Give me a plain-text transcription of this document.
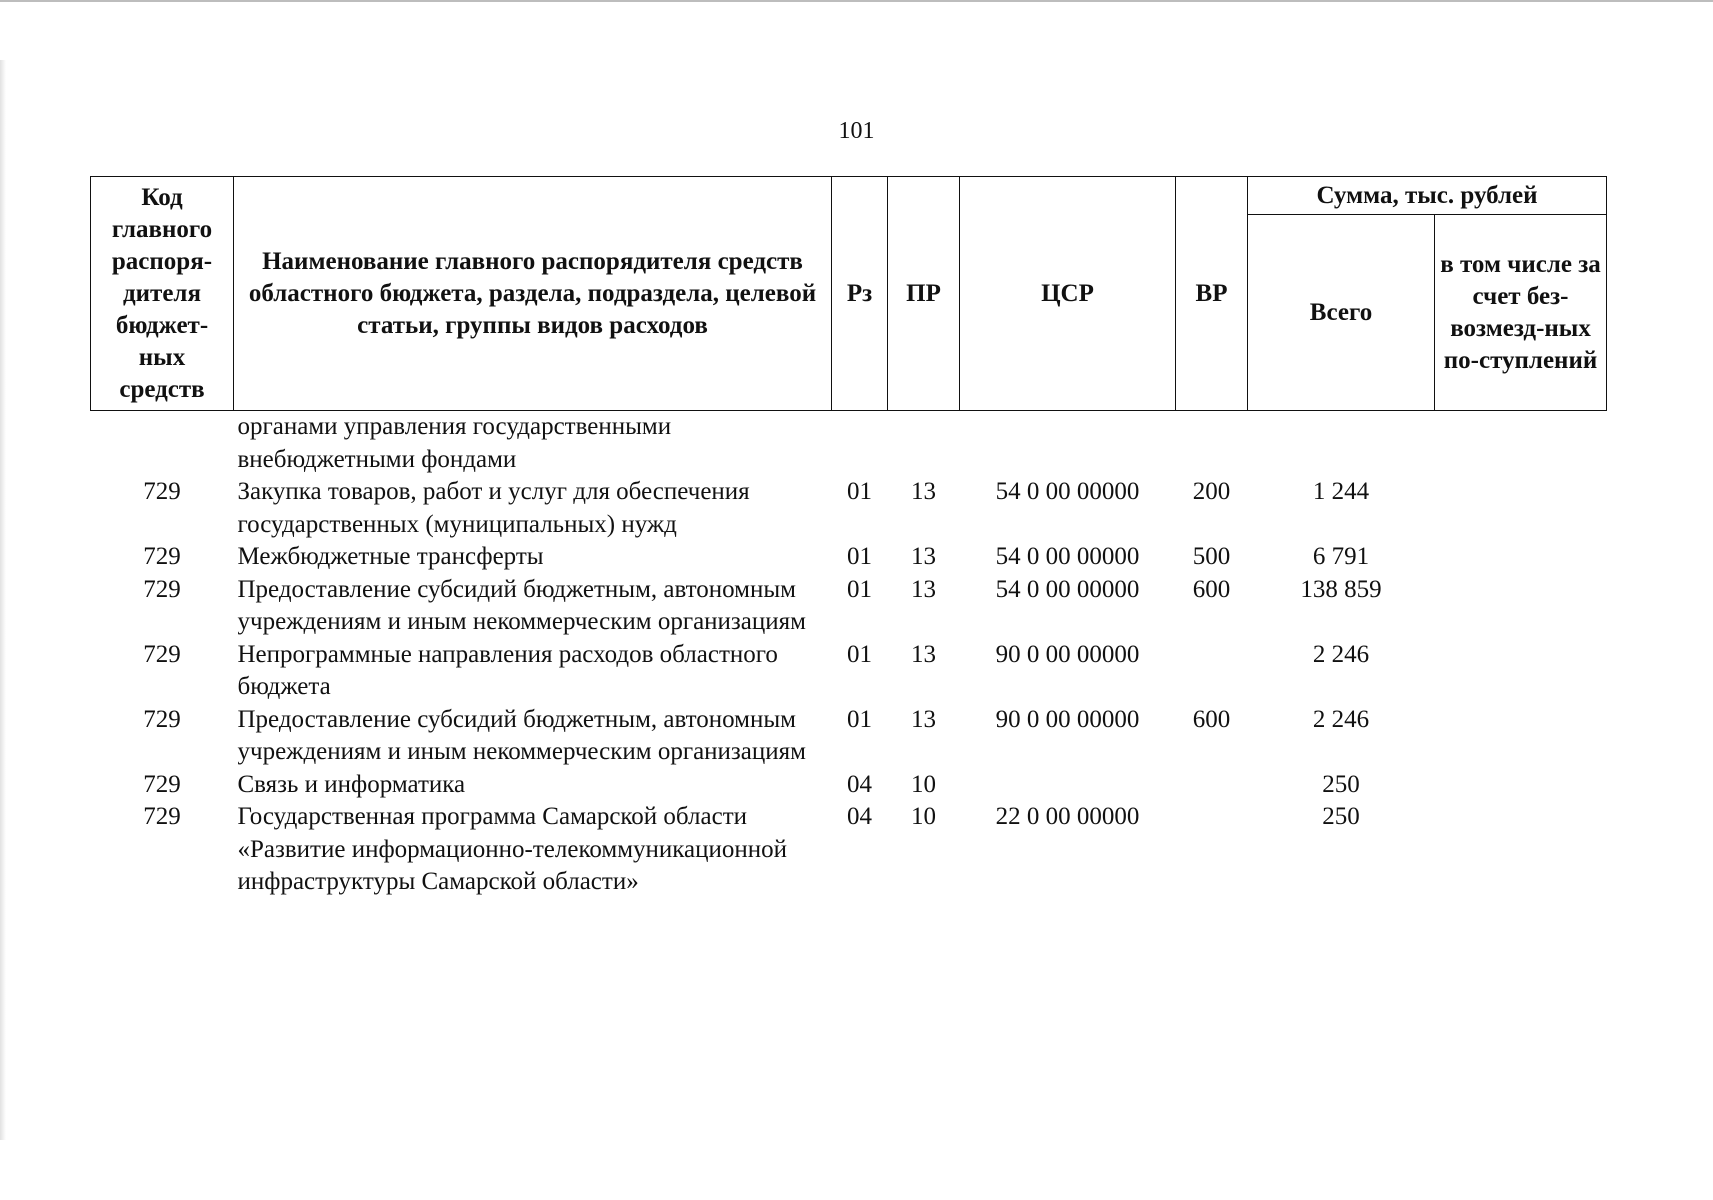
101
Код главного распоря-дителя бюджет-ных средств	Наименование главного распорядителя средств областного бюджета, раздела, подраздела, целевой статьи, группы видов расходов	Рз	ПР	ЦСР	ВР	Сумма, тыс. рублей	
						Всего	в том числе за счет без-возмезд-ных по-ступлений
	органами управления государственными внебюджетными фондами						
729	Закупка товаров, работ и услуг для обеспечения государственных (муниципальных) нужд	01	13	54 0 00 00000	200	1 244	
729	Межбюджетные трансферты	01	13	54 0 00 00000	500	6 791	
729	Предоставление субсидий бюджетным, автономным учреждениям и иным некоммерческим организациям	01	13	54 0 00 00000	600	138 859	
729	Непрограммные направления расходов областного бюджета	01	13	90 0 00 00000		2 246	
729	Предоставление субсидий бюджетным, автономным учреждениям и иным некоммерческим организациям	01	13	90 0 00 00000	600	2 246	
729	Связь и информатика	04	10			250	
729	Государственная программа Самарской области «Развитие информационно-телекоммуникационной инфраструктуры Самарской области»	04	10	22 0 00 00000		250	
